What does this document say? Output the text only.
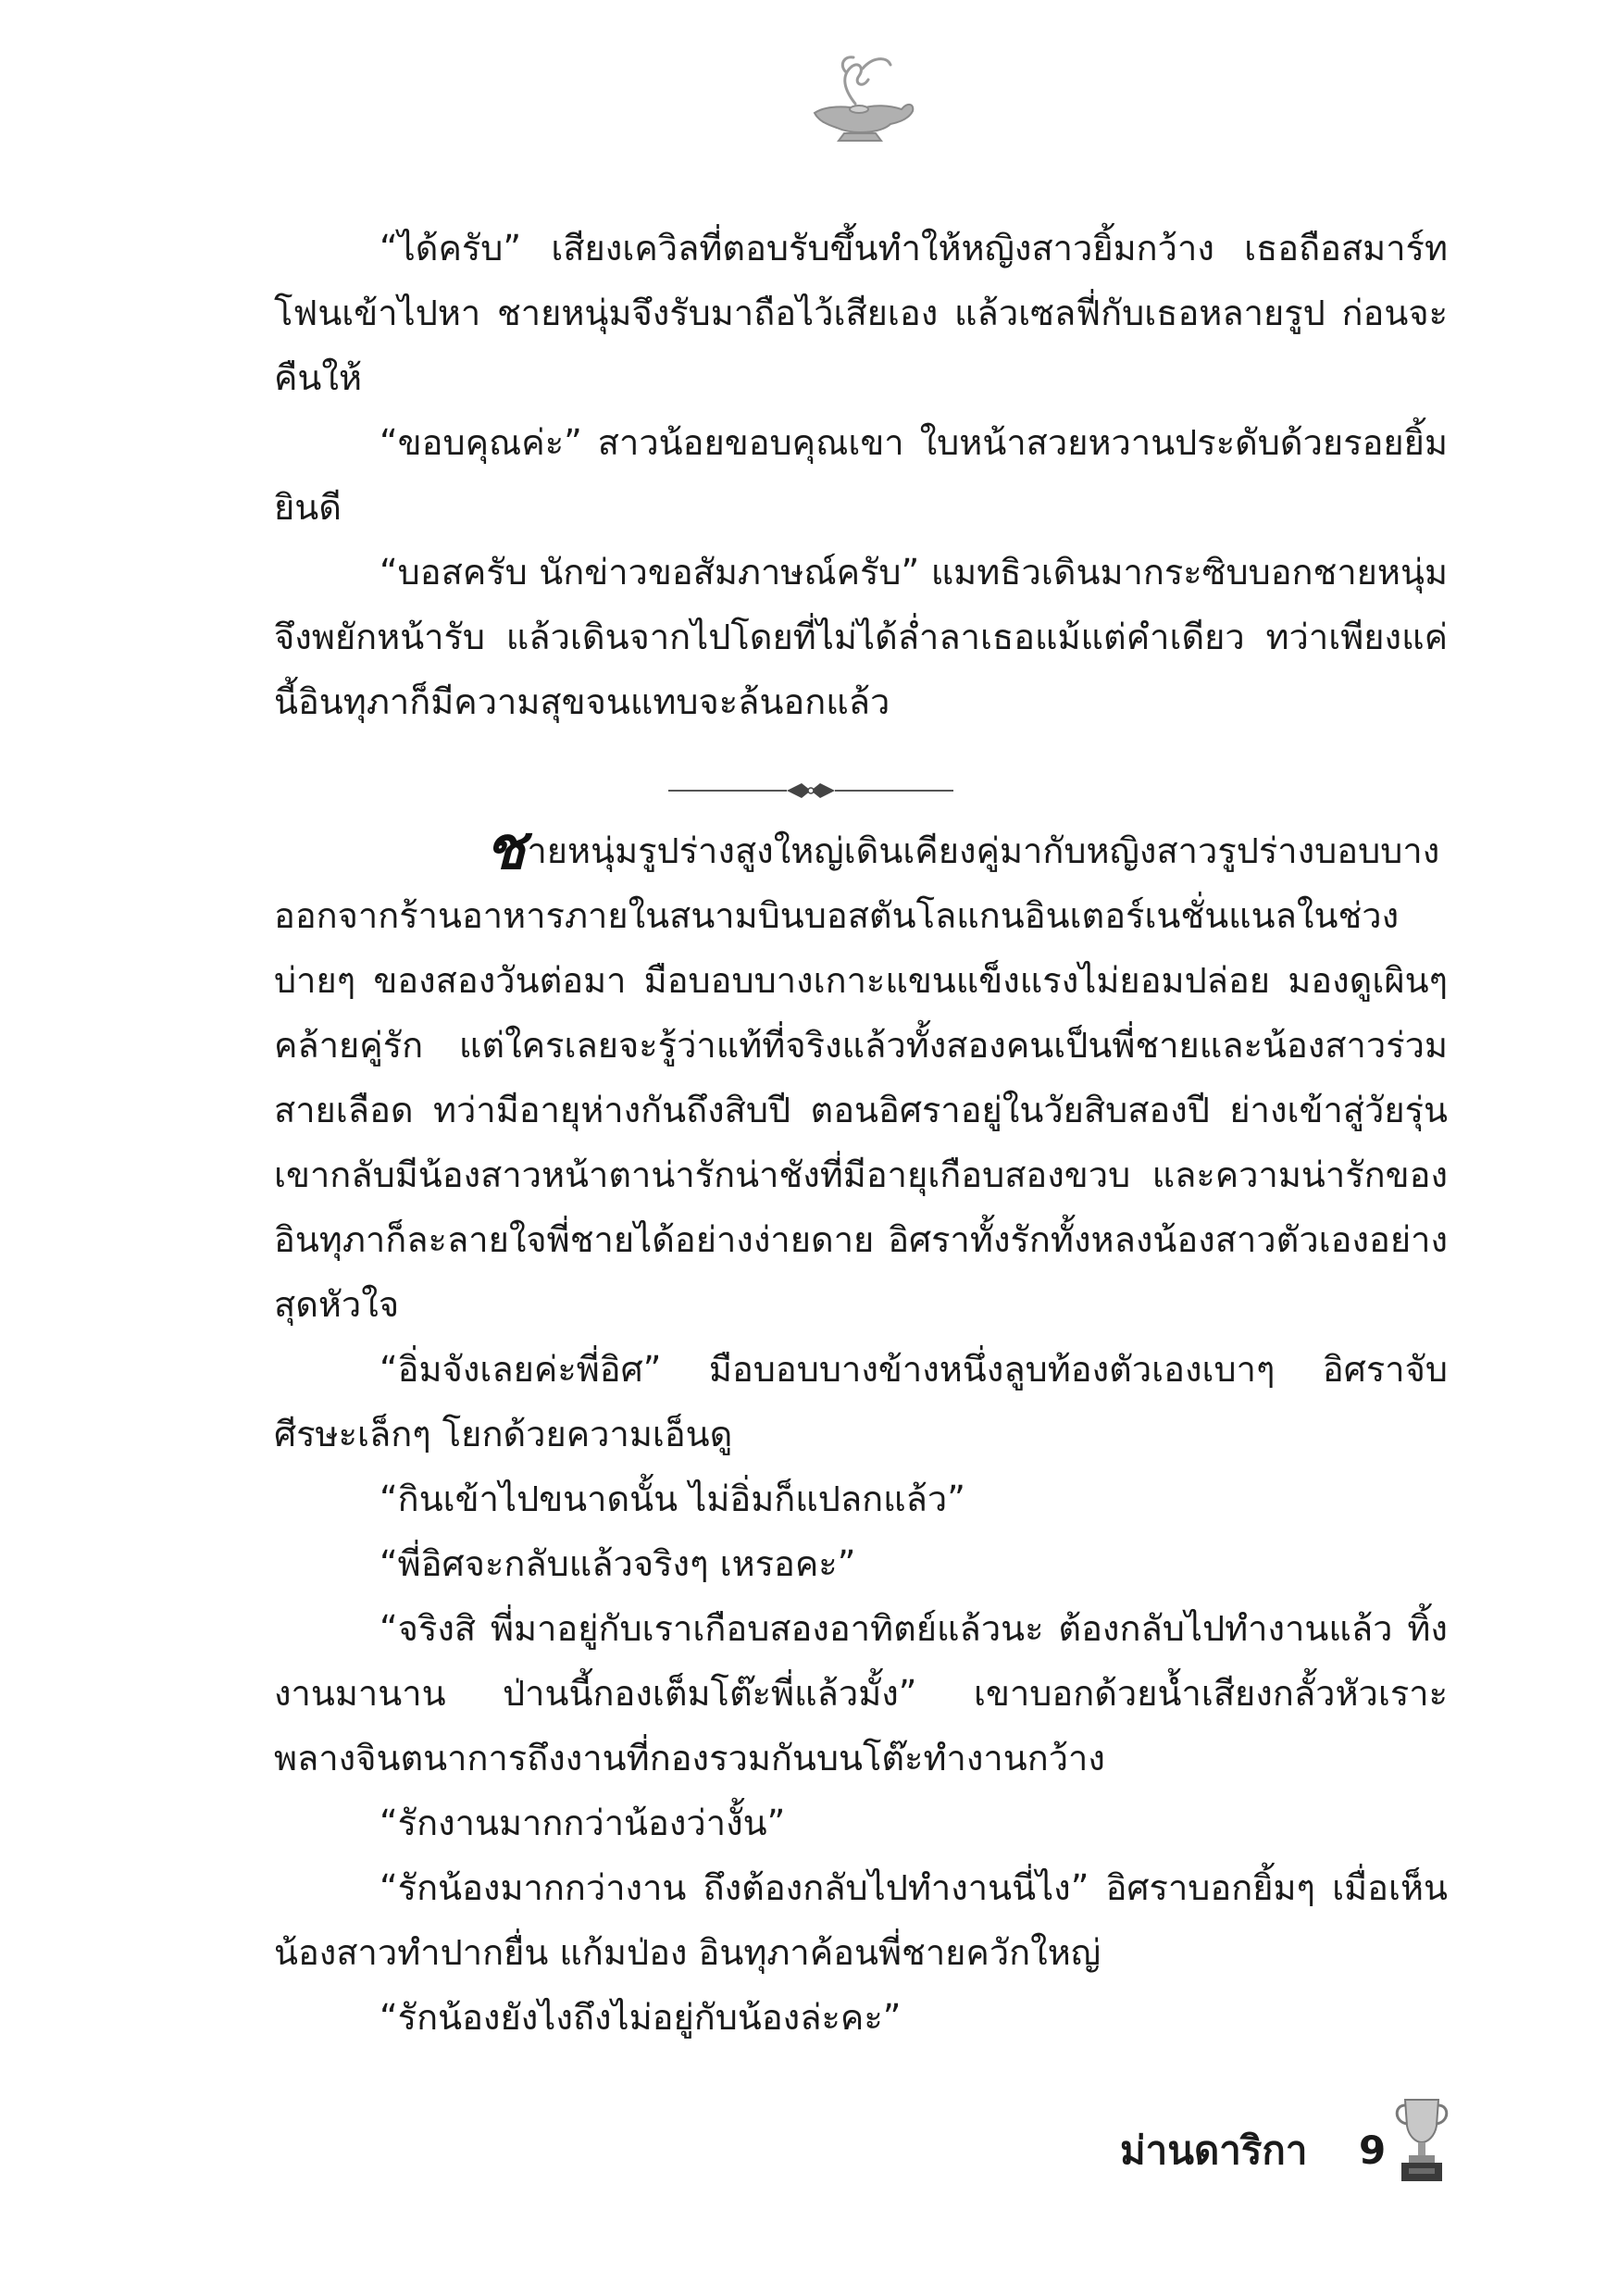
“ได้ครับ” เสียงเควิลที่ตอบรับขึ้นทำให้หญิงสาวยิ้มกว้าง เธอถือสมาร์ทโฟนเข้าไปหา ชายหนุ่มจึงรับมาถือไว้เสียเอง แล้วเซลฟี่กับเธอหลายรูป ก่อนจะคืนให้

“ขอบคุณค่ะ” สาวน้อยขอบคุณเขา ใบหน้าสวยหวานประดับด้วยรอยยิ้มยินดี

“บอสครับ นักข่าวขอสัมภาษณ์ครับ” แมทธิวเดินมากระซิบบอกชายหนุ่มจึงพยักหน้ารับ แล้วเดินจากไปโดยที่ไม่ได้ล่ำลาเธอแม้แต่คำเดียว ทว่าเพียงแค่นี้อินทุภาก็มีความสุขจนแทบจะล้นอกแล้ว

ชายหนุ่มรูปร่างสูงใหญ่เดินเคียงคู่มากับหญิงสาวรูปร่างบอบบางออกจากร้านอาหารภายในสนามบินบอสตันโลแกนอินเตอร์เนชั่นแนลในช่วงบ่ายๆ ของสองวันต่อมา มือบอบบางเกาะแขนแข็งแรงไม่ยอมปล่อย มองดูเผินๆ คล้ายคู่รัก แต่ใครเลยจะรู้ว่าแท้ที่จริงแล้วทั้งสองคนเป็นพี่ชายและน้องสาวร่วมสายเลือด ทว่ามีอายุห่างกันถึงสิบปี ตอนอิศราอยู่ในวัยสิบสองปี ย่างเข้าสู่วัยรุ่น เขากลับมีน้องสาวหน้าตาน่ารักน่าชังที่มีอายุเกือบสองขวบ และความน่ารักของอินทุภาก็ละลายใจพี่ชายได้อย่างง่ายดาย อิศราทั้งรักทั้งหลงน้องสาวตัวเองอย่างสุดหัวใจ

“อิ่มจังเลยค่ะพี่อิศ” มือบอบบางข้างหนึ่งลูบท้องตัวเองเบาๆ อิศราจับศีรษะเล็กๆ โยกด้วยความเอ็นดู

“กินเข้าไปขนาดนั้น ไม่อิ่มก็แปลกแล้ว”

“พี่อิศจะกลับแล้วจริงๆ เหรอคะ”

“จริงสิ พี่มาอยู่กับเราเกือบสองอาทิตย์แล้วนะ ต้องกลับไปทำงานแล้ว ทิ้งงานมานาน ป่านนี้กองเต็มโต๊ะพี่แล้วมั้ง” เขาบอกด้วยน้ำเสียงกลั้วหัวเราะ พลางจินตนาการถึงงานที่กองรวมกันบนโต๊ะทำงานกว้าง

“รักงานมากกว่าน้องว่างั้น”

“รักน้องมากกว่างาน ถึงต้องกลับไปทำงานนี่ไง” อิศราบอกยิ้มๆ เมื่อเห็นน้องสาวทำปากยื่น แก้มป่อง อินทุภาค้อนพี่ชายควักใหญ่

“รักน้องยังไงถึงไม่อยู่กับน้องล่ะคะ”

ม่านดาริกา 9
